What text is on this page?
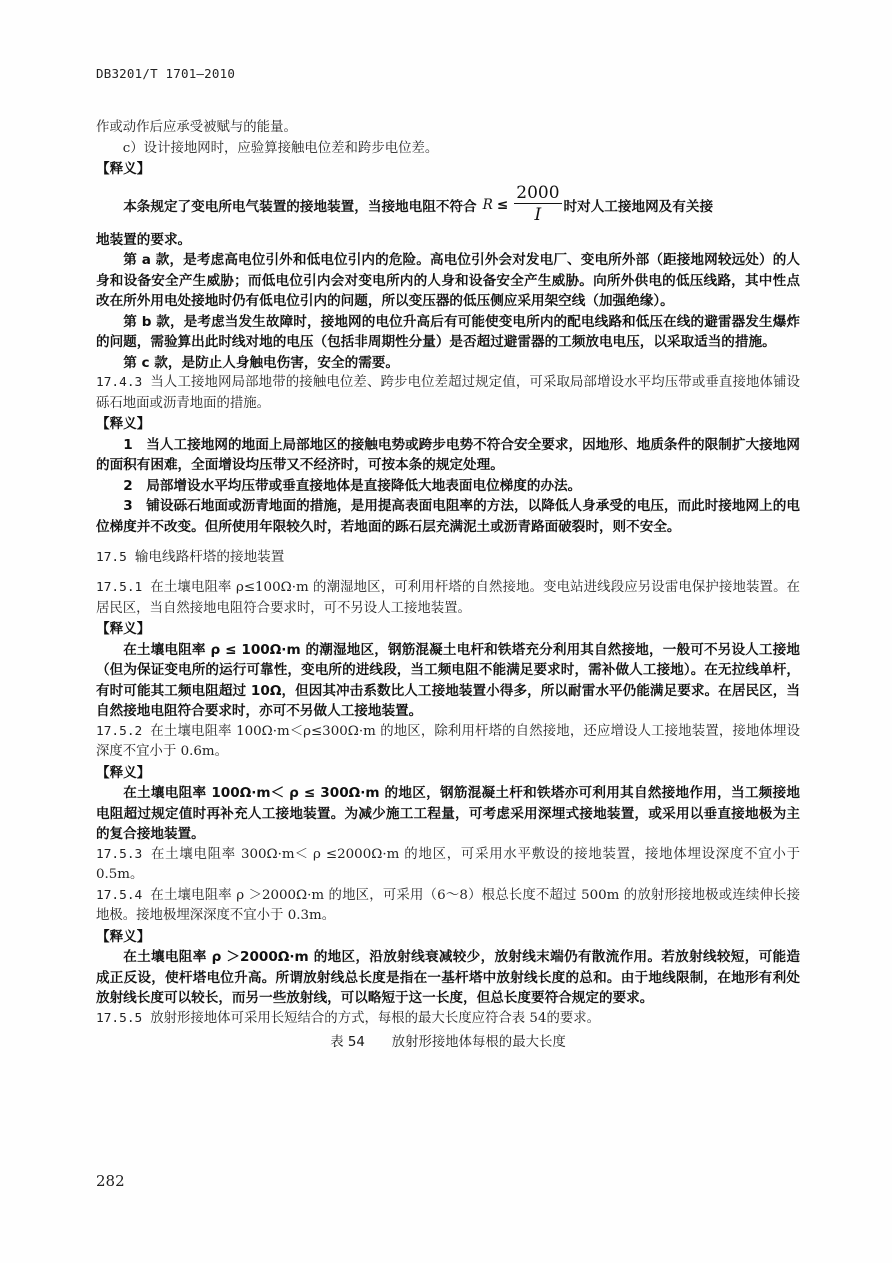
DB3201/T 1701—2010

作或动作后应承受被赋与的能量。

c）设计接地网时，应验算接触电位差和跨步电位差。

【释义】

本条规定了变电所电气装置的接地装置，当接地电阻不符合 $R \le \frac{2000}{I}$ 时对人工接地网及有关接

地装置的要求。

第 a 款，是考虑高电位引外和低电位引内的危险。高电位引外会对发电厂、变电所外部（距接地网较远处）的人身和设备安全产生威胁；而低电位引内会对变电所内的人身和设备安全产生威胁。向所外供电的低压线路，其中性点改在所外用电处接地时仍有低电位引内的问题，所以变压器的低压侧应采用架空线（加强绝缘）。

第 b 款，是考虑当发生故障时，接地网的电位升高后有可能使变电所内的配电线路和低压在线的避雷器发生爆炸的问题，需验算出此时线对地的电压（包括非周期性分量）是否超过避雷器的工频放电电压，以采取适当的措施。

第 c 款，是防止人身触电伤害，安全的需要。

17.4.3 当人工接地网局部地带的接触电位差、跨步电位差超过规定值，可采取局部增设水平均压带或垂直接地体铺设砾石地面或沥青地面的措施。

【释义】

1　当人工接地网的地面上局部地区的接触电势或跨步电势不符合安全要求，因地形、地质条件的限制扩大接地网的面积有困难，全面增设均压带又不经济时，可按本条的规定处理。

2　局部增设水平均压带或垂直接地体是直接降低大地表面电位梯度的办法。

3　铺设砾石地面或沥青地面的措施，是用提高表面电阻率的方法，以降低人身承受的电压，而此时接地网上的电位梯度并不改变。但所使用年限较久时，若地面的跞石层充满泥土或沥青路面破裂时，则不安全。

17.5 输电线路杆塔的接地装置

17.5.1 在土壤电阻率 ρ≤100Ω·m 的潮湿地区，可利用杆塔的自然接地。变电站进线段应另设雷电保护接地装置。在居民区，当自然接地电阻符合要求时，可不另设人工接地装置。

【释义】

在土壤电阻率 ρ ≤ 100Ω·m 的潮湿地区，钢筋混凝土电杆和铁塔充分利用其自然接地，一般可不另设人工接地（但为保证变电所的运行可靠性，变电所的进线段，当工频电阻不能满足要求时，需补做人工接地）。在无拉线单杆，有时可能其工频电阻超过 10Ω，但因其冲击系数比人工接地装置小得多，所以耐雷水平仍能满足要求。在居民区，当自然接地电阻符合要求时，亦可不另做人工接地装置。

17.5.2 在土壤电阻率 100Ω·m＜ρ≤300Ω·m 的地区，除利用杆塔的自然接地，还应增设人工接地装置，接地体埋设深度不宜小于 0.6m。

【释义】

在土壤电阻率 100Ω·m＜ ρ ≤ 300Ω·m 的地区，钢筋混凝土杆和铁塔亦可利用其自然接地作用，当工频接地电阻超过规定值时再补充人工接地装置。为减少施工工程量，可考虑采用深埋式接地装置，或采用以垂直接地极为主的复合接地装置。

17.5.3 在土壤电阻率 300Ω·m＜ ρ ≤2000Ω·m 的地区，可采用水平敷设的接地装置，接地体埋设深度不宜小于 0.5m。

17.5.4 在土壤电阻率 ρ ＞2000Ω·m 的地区，可采用（6～8）根总长度不超过 500m 的放射形接地极或连续伸长接地极。接地极埋深深度不宜小于 0.3m。

【释义】

在土壤电阻率 ρ ＞2000Ω·m 的地区，沿放射线衰减较少，放射线末端仍有散流作用。若放射线较短，可能造成正反设，使杆塔电位升高。所谓放射线总长度是指在一基杆塔中放射线长度的总和。由于地线限制，在地形有利处放射线长度可以较长，而另一些放射线，可以略短于这一长度，但总长度要符合规定的要求。

17.5.5 放射形接地体可采用长短结合的方式，每根的最大长度应符合表 54的要求。

表 54　　放射形接地体每根的最大长度

282
